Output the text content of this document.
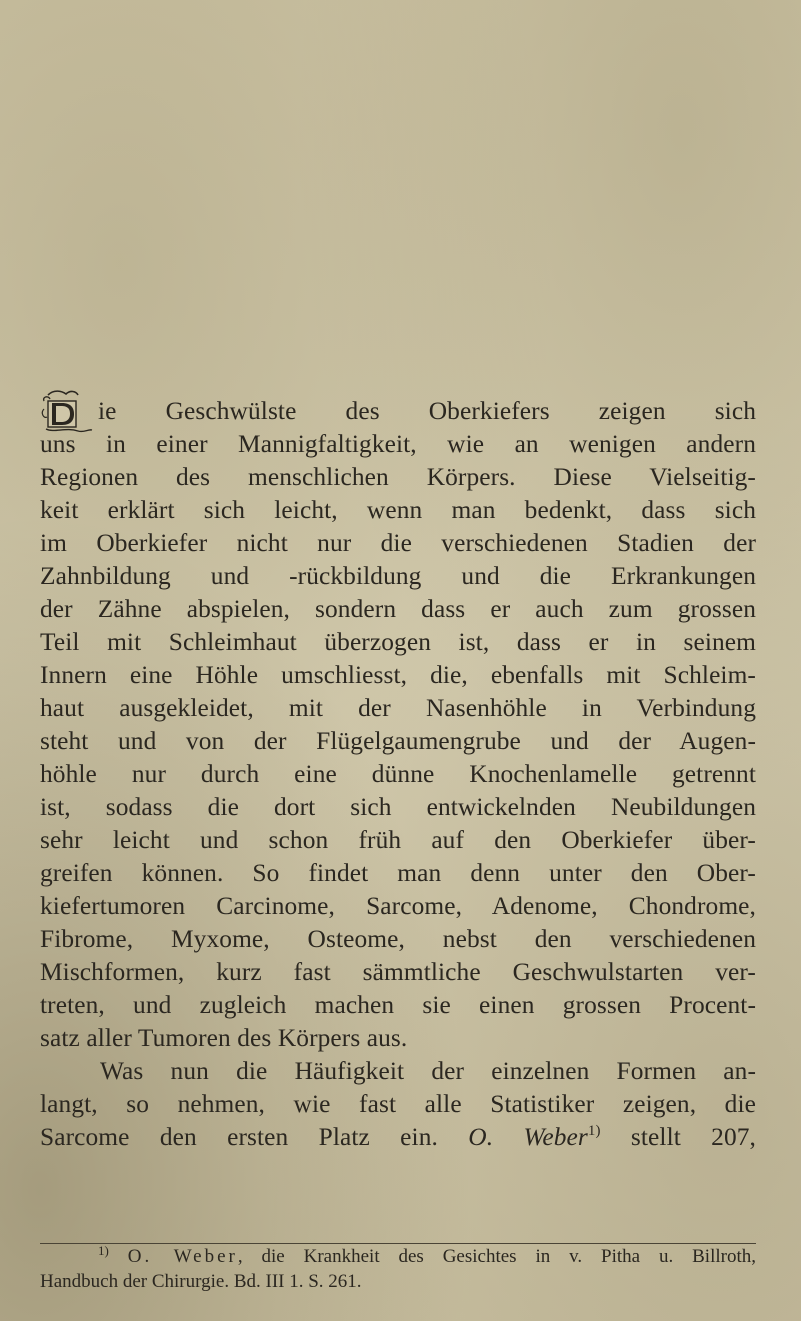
ie Geschwülste des Oberkiefers zeigen sich
uns in einer Mannigfaltigkeit, wie an wenigen andern
Regionen des menschlichen Körpers. Diese Vielseitig-
keit erklärt sich leicht, wenn man bedenkt, dass sich
im Oberkiefer nicht nur die verschiedenen Stadien der
Zahnbildung und -rückbildung und die Erkrankungen
der Zähne abspielen, sondern dass er auch zum grossen
Teil mit Schleimhaut überzogen ist, dass er in seinem
Innern eine Höhle umschliesst, die, ebenfalls mit Schleim-
haut ausgekleidet, mit der Nasenhöhle in Verbindung
steht und von der Flügelgaumengrube und der Augen-
höhle nur durch eine dünne Knochenlamelle getrennt
ist, sodass die dort sich entwickelnden Neubildungen
sehr leicht und schon früh auf den Oberkiefer über-
greifen können. So findet man denn unter den Ober-
kiefertumoren Carcinome, Sarcome, Adenome, Chondrome,
Fibrome, Myxome, Osteome, nebst den verschiedenen
Mischformen, kurz fast sämmtliche Geschwulstarten ver-
treten, und zugleich machen sie einen grossen Procent-
satz aller Tumoren des Körpers aus.
Was nun die Häufigkeit der einzelnen Formen an-
langt, so nehmen, wie fast alle Statistiker zeigen, die
Sarcome den ersten Platz ein. O. Weber$^{1)}$ stellt 207,
$^{1)}$ O. Weber, die Krankheit des Gesichtes in v. Pitha u. Billroth,
Handbuch der Chirurgie. Bd. III 1. S. 261.
